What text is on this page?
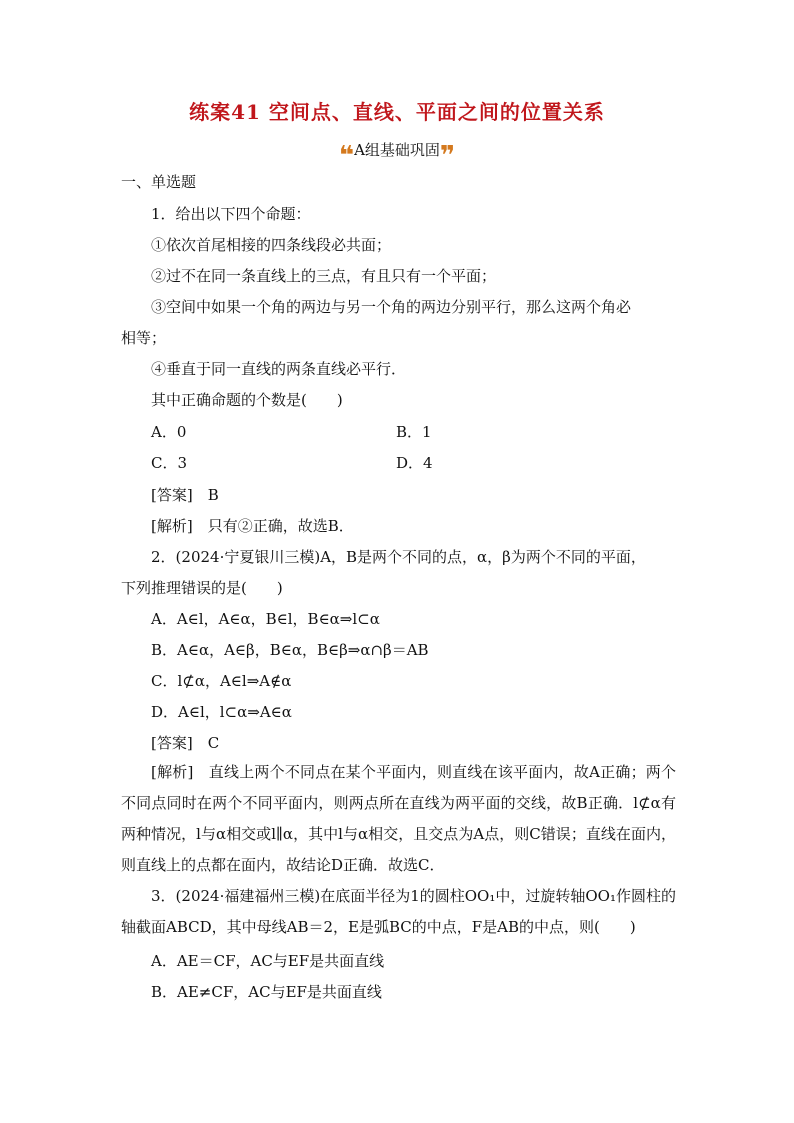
练案41 空间点、直线、平面之间的位置关系
❝A组基础巩固❞
一、单选题
1．给出以下四个命题：
①依次首尾相接的四条线段必共面；
②过不在同一条直线上的三点，有且只有一个平面；
③空间中如果一个角的两边与另一个角的两边分别平行，那么这两个角必
相等；
④垂直于同一直线的两条直线必平行．
其中正确命题的个数是(　　)
A．0	B．1
C．3	D．4
[答案]　B
[解析]　只有②正确，故选B．
2．(2024·宁夏银川三模)A，B是两个不同的点，α，β为两个不同的平面，
下列推理错误的是(　　)
A．A∈l，A∈α，B∈l，B∈α⇒l⊂α
B．A∈α，A∈β，B∈α，B∈β⇒α∩β＝AB
C．l⊄α，A∈l⇒A∉α
D．A∈l，l⊂α⇒A∈α
[答案]　C
[解析]　直线上两个不同点在某个平面内，则直线在该平面内，故A正确；两个不同点同时在两个不同平面内，则两点所在直线为两平面的交线，故B正确．l⊄α有两种情况，l与α相交或l∥α，其中l与α相交，且交点为A点，则C错误；直线在面内，则直线上的点都在面内，故结论D正确．故选C．
3．(2024·福建福州三模)在底面半径为1的圆柱OO₁中，过旋转轴OO₁作圆柱的轴截面ABCD，其中母线AB＝2，E是弧BC的中点，F是AB的中点，则(　　)
A．AE＝CF，AC与EF是共面直线
B．AE≠CF，AC与EF是共面直线
